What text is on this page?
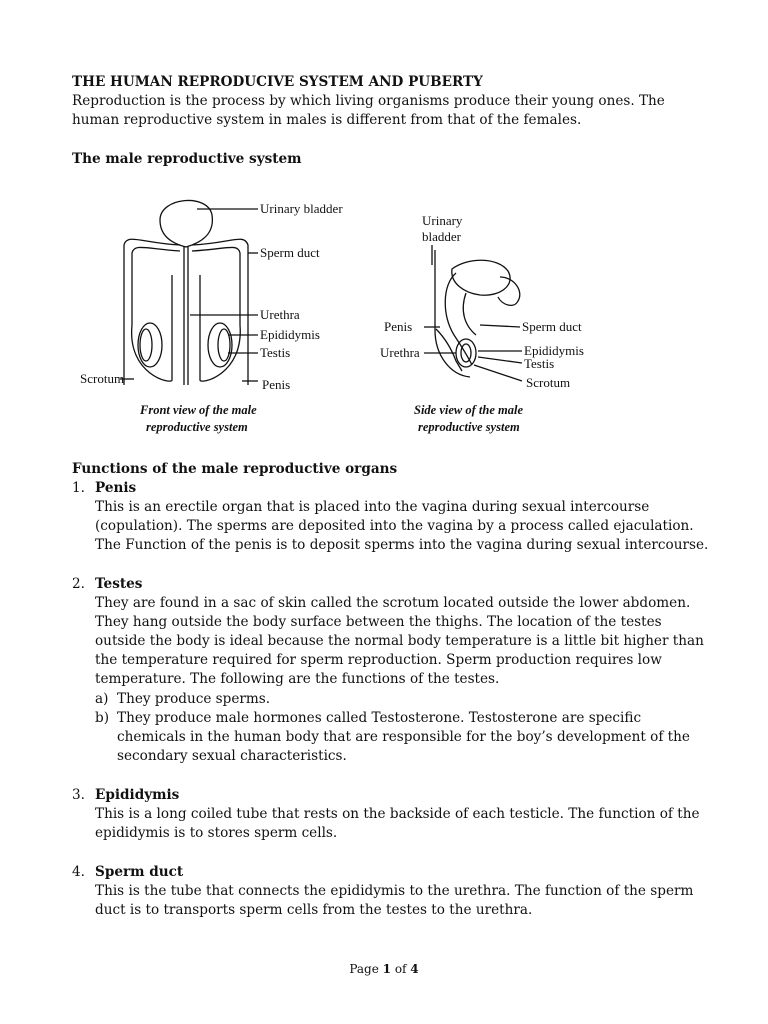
THE HUMAN REPRODUCIVE SYSTEM AND PUBERTY
Reproduction is the process by which living organisms produce their young ones. The
human reproductive system in males is different from that of the females.
The male reproductive system
Urinary bladder
Sperm duct
Urethra
Epididymis
Testis
Scrotum	Penis
Front view of the male
reproductive system
Urinary
bladder
Penis
Urethra
Sperm duct
Epididymis
Testis
Scrotum
Side view of the male
reproductive system
Functions of the male reproductive organs
1. Penis
This is an erectile organ that is placed into the vagina during sexual intercourse
(copulation). The sperms are deposited into the vagina by a process called ejaculation.
The Function of the penis is to deposit sperms into the vagina during sexual intercourse.
2. Testes
They are found in a sac of skin called the scrotum located outside the lower abdomen.
They hang outside the body surface between the thighs. The location of the testes
outside the body is ideal because the normal body temperature is a little bit higher than
the temperature required for sperm reproduction. Sperm production requires low
temperature. The following are the functions of the testes.
a) They produce sperms.
b) They produce male hormones called Testosterone. Testosterone are specific
chemicals in the human body that are responsible for the boy’s development of the
secondary sexual characteristics.
3. Epididymis
This is a long coiled tube that rests on the backside of each testicle. The function of the
epididymis is to stores sperm cells.
4. Sperm duct
This is the tube that connects the epididymis to the urethra. The function of the sperm
duct is to transports sperm cells from the testes to the urethra.
Page 1 of 4
